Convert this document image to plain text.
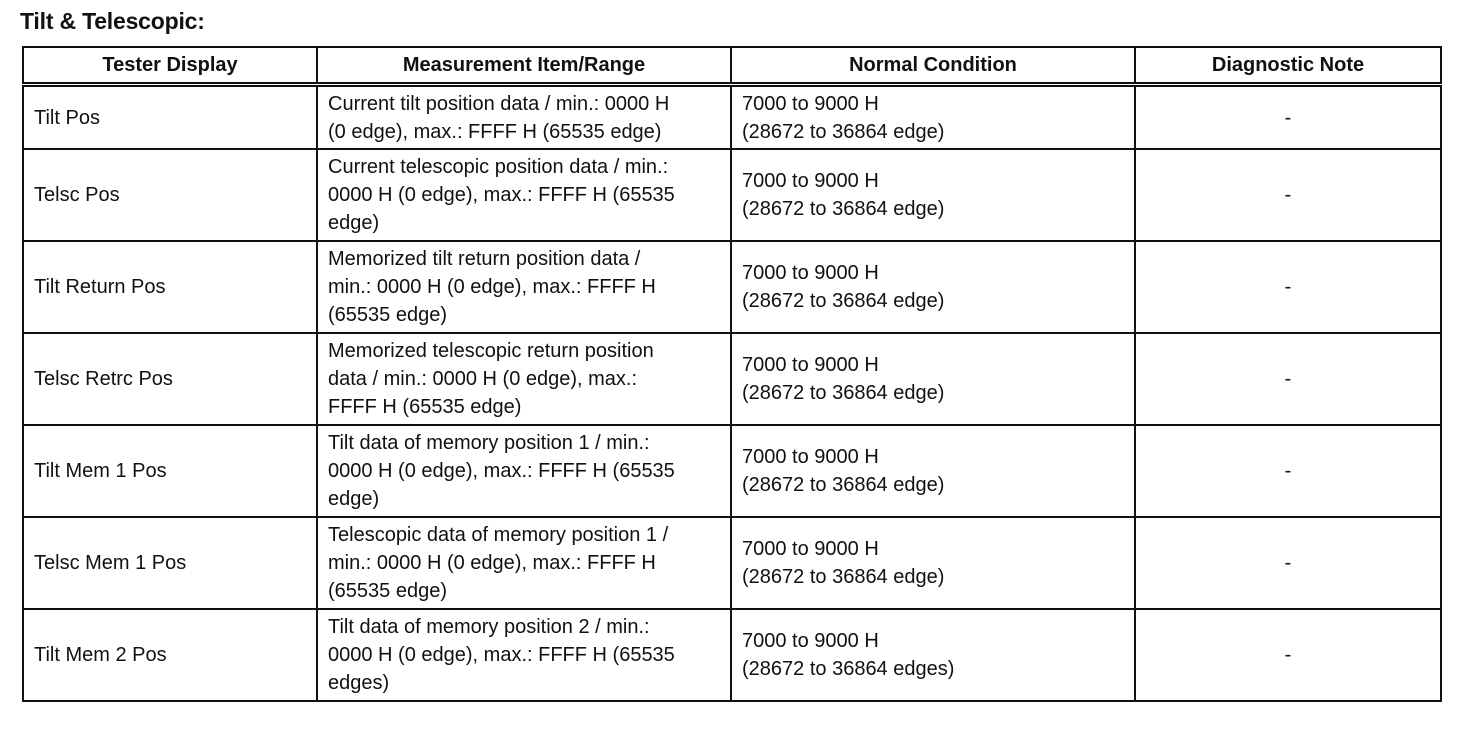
Tilt & Telescopic:
Tester Display	Measurement Item/Range	Normal Condition	Diagnostic Note
Tilt Pos	Current tilt position data / min.: 0000 H
(0 edge), max.: FFFF H (65535 edge)	7000 to 9000 H
(28672 to 36864 edge)	-
Telsc Pos	Current telescopic position data / min.:
0000 H (0 edge), max.: FFFF H (65535
edge)	7000 to 9000 H
(28672 to 36864 edge)	-
Tilt Return Pos	Memorized tilt return position data /
min.: 0000 H (0 edge), max.: FFFF H
(65535 edge)	7000 to 9000 H
(28672 to 36864 edge)	-
Telsc Retrc Pos	Memorized telescopic return position
data / min.: 0000 H (0 edge), max.:
FFFF H (65535 edge)	7000 to 9000 H
(28672 to 36864 edge)	-
Tilt Mem 1 Pos	Tilt data of memory position 1 / min.:
0000 H (0 edge), max.: FFFF H (65535
edge)	7000 to 9000 H
(28672 to 36864 edge)	-
Telsc Mem 1 Pos	Telescopic data of memory position 1 /
min.: 0000 H (0 edge), max.: FFFF H
(65535 edge)	7000 to 9000 H
(28672 to 36864 edge)	-
Tilt Mem 2 Pos	Tilt data of memory position 2 / min.:
0000 H (0 edge), max.: FFFF H (65535
edges)	7000 to 9000 H
(28672 to 36864 edges)	-
